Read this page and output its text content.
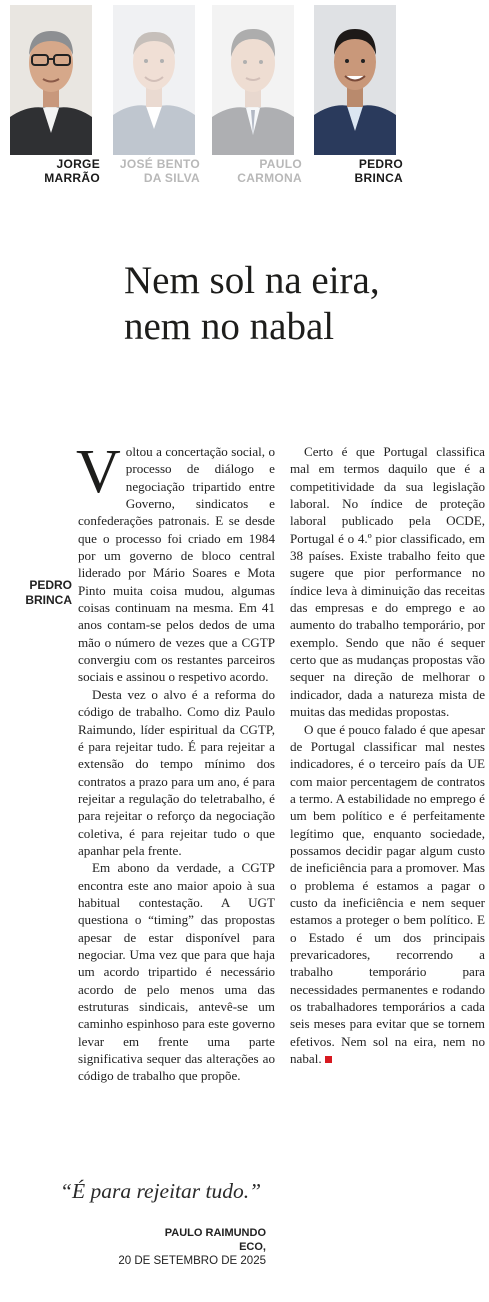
JORGE
MARRÃO
JOSÉ BENTO
DA SILVA
PAULO
CARMONA
PEDRO
BRINCA
Nem sol na eira,
nem no nabal
PEDRO
BRINCA

Voltou a concertação social, o processo de diálogo e negociação tripartido entre Governo, sindicatos e confederações patronais. E se desde que o processo foi criado em 1984 por um governo de bloco central liderado por Mário Soares e Mota Pinto muita coisa mudou, algumas coisas continuam na mesma. Em 41 anos contam-se pelos dedos de uma mão o número de vezes que a CGTP convergiu com os restantes parceiros sociais e assinou o respetivo acordo.

Desta vez o alvo é a reforma do código de trabalho. Como diz Paulo Raimundo, líder espiritual da CGTP, é para rejeitar tudo. É para rejeitar a extensão do tempo mínimo dos contratos a prazo para um ano, é para rejeitar a regulação do teletrabalho, é para rejeitar o reforço da negociação coletiva, é para rejeitar tudo o que apanhar pela frente.

Em abono da verdade, a CGTP encontra este ano maior apoio à sua habitual contestação. A UGT questiona o “timing” das propostas apesar de estar disponível para negociar. Uma vez que para que haja um acordo tripartido é necessário acordo de pelo menos uma das estruturas sindicais, antevê-se um caminho espinhoso para este governo levar em frente uma parte significativa sequer das alterações ao código de trabalho que propõe.

Certo é que Portugal classifica mal em termos daquilo que é a competitividade da sua legislação laboral. No índice de proteção laboral publicado pela OCDE, Portugal é o 4.º pior classificado, em 38 países. Existe trabalho feito que sugere que pior performance no índice leva à diminuição das receitas das empresas e do emprego e ao aumento do trabalho temporário, por exemplo. Sendo que não é sequer certo que as mudanças propostas vão sequer na direção de melhorar o indicador, dada a natureza mista de muitas das medidas propostas.

O que é pouco falado é que apesar de Portugal classificar mal nestes indicadores, é o terceiro país da UE com maior percentagem de contratos a termo. A estabilidade no emprego é um bem político e é perfeitamente legítimo que, enquanto sociedade, possamos decidir pagar algum custo de ineficiência para a promover. Mas o problema é estamos a pagar o custo da ineficiência e nem sequer estamos a proteger o bem político. E o Estado é um dos principais prevaricadores, recorrendo a trabalho temporário para necessidades permanentes e rodando os trabalhadores temporários a cada seis meses para evitar que se tornem efetivos. Nem sol na eira, nem no nabal.

“É para rejeitar tudo.”
PAULO RAIMUNDO
ECO,
20 DE SETEMBRO DE 2025
